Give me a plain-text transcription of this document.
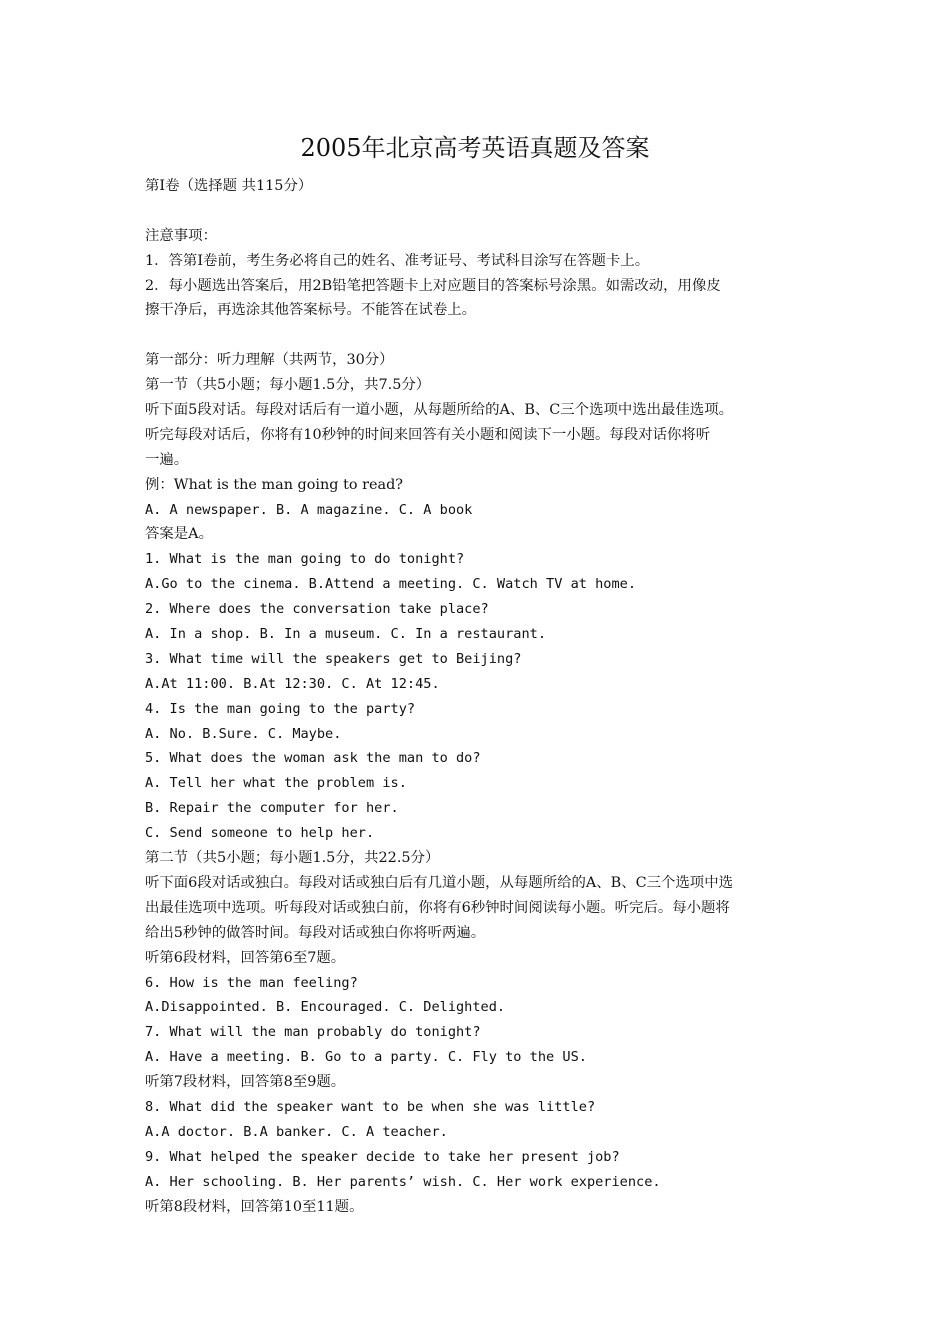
2005年北京高考英语真题及答案
第Ⅰ卷（选择题 共115分）
注意事项：
1．答第Ⅰ卷前，考生务必将自己的姓名、准考证号、考试科目涂写在答题卡上。
2．每小题选出答案后，用2B铅笔把答题卡上对应题目的答案标号涂黑。如需改动，用像皮
擦干净后，再选涂其他答案标号。不能答在试卷上。
第一部分：听力理解（共两节，30分）
第一节（共5小题；每小题1.5分，共7.5分）
听下面5段对话。每段对话后有一道小题，从每题所给的A、B、C三个选项中选出最佳选项。
听完每段对话后，你将有10秒钟的时间来回答有关小题和阅读下一小题。每段对话你将听
一遍。
例：What is the man going to read?
A. A newspaper. B. A magazine. C. A book
答案是A。
1. What is the man going to do tonight?
A.Go to the cinema. B.Attend a meeting. C. Watch TV at home.
2. Where does the conversation take place?
A. In a shop. B. In a museum. C. In a restaurant.
3. What time will the speakers get to Beijing?
A.At 11:00. B.At 12:30. C. At 12:45.
4. Is the man going to the party?
A. No. B.Sure. C. Maybe.
5. What does the woman ask the man to do?
A. Tell her what the problem is.
B. Repair the computer for her.
C. Send someone to help her.
第二节（共5小题；每小题1.5分，共22.5分）
听下面6段对话或独白。每段对话或独白后有几道小题，从每题所给的A、B、C三个选项中选
出最佳选项中选项。听每段对话或独白前，你将有6秒钟时间阅读每小题。听完后。每小题将
给出5秒钟的做答时间。每段对话或独白你将听两遍。
听第6段材料，回答第6至7题。
6. How is the man feeling?
A.Disappointed. B. Encouraged. C. Delighted.
7. What will the man probably do tonight?
A. Have a meeting. B. Go to a party. C. Fly to the US.
听第7段材料，回答第8至9题。
8. What did the speaker want to be when she was little?
A.A doctor. B.A banker. C. A teacher.
9. What helped the speaker decide to take her present job?
A. Her schooling. B. Her parents’ wish. C. Her work experience.
听第8段材料，回答第10至11题。
